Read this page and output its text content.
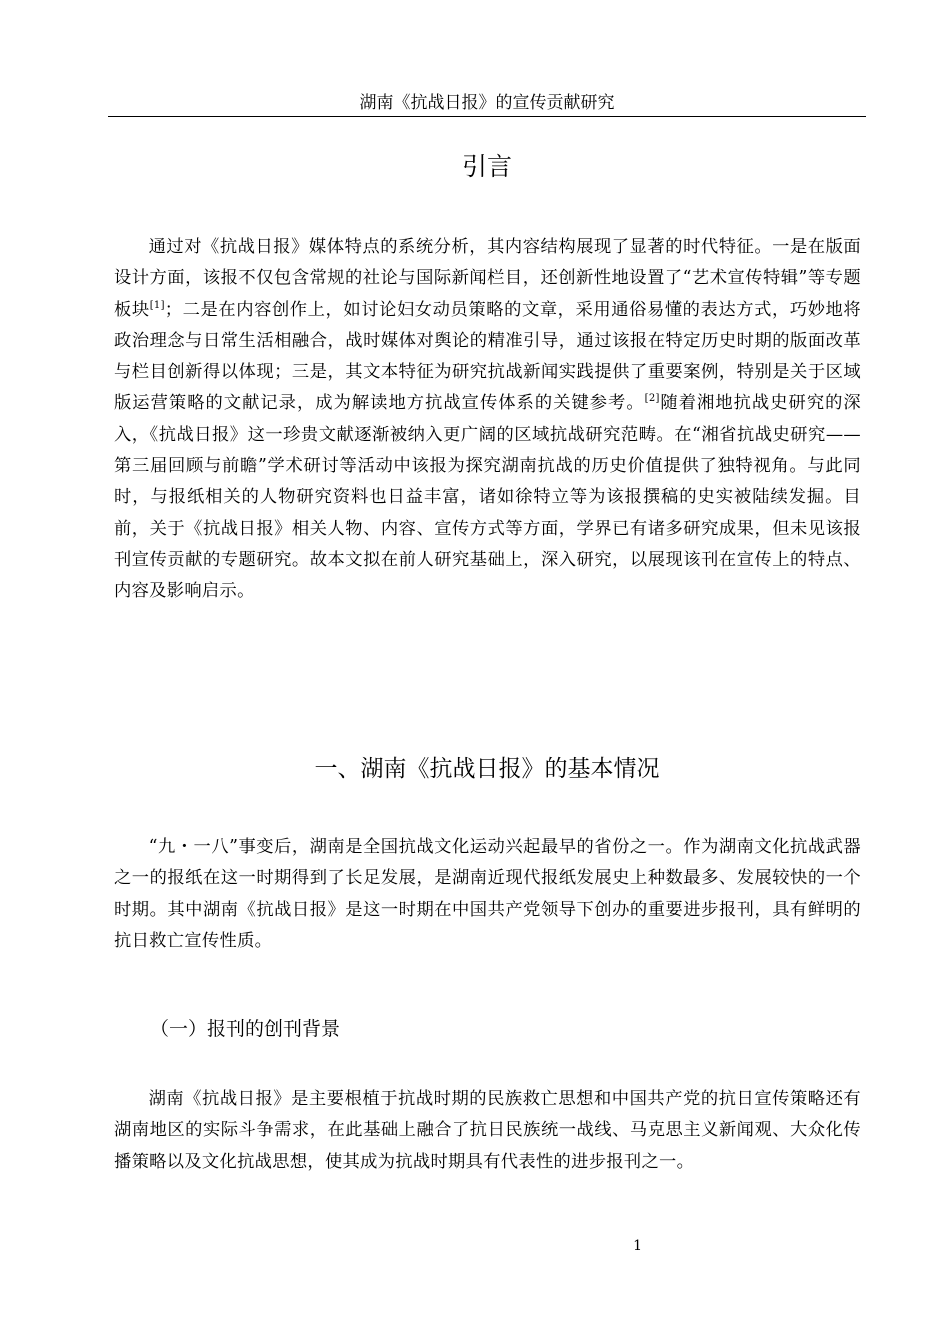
湖南《抗战日报》的宣传贡献研究
引言

通过对《抗战日报》媒体特点的系统分析，其内容结构展现了显著的时代特征。一是在版面设计方面，该报不仅包含常规的社论与国际新闻栏目，还创新性地设置了“艺术宣传特辑”等专题板块[1]；二是在内容创作上，如讨论妇女动员策略的文章，采用通俗易懂的表达方式，巧妙地将政治理念与日常生活相融合，战时媒体对舆论的精准引导，通过该报在特定历史时期的版面改革与栏目创新得以体现；三是，其文本特征为研究抗战新闻实践提供了重要案例，特别是关于区域版运营策略的文献记录，成为解读地方抗战宣传体系的关键参考。[2]随着湘地抗战史研究的深入，《抗战日报》这一珍贵文献逐渐被纳入更广阔的区域抗战研究范畴。在“湘省抗战史研究——第三届回顾与前瞻”学术研讨等活动中该报为探究湖南抗战的历史价值提供了独特视角。与此同时，与报纸相关的人物研究资料也日益丰富，诸如徐特立等为该报撰稿的史实被陆续发掘。目前，关于《抗战日报》相关人物、内容、宣传方式等方面，学界已有诸多研究成果，但未见该报刊宣传贡献的专题研究。故本文拟在前人研究基础上，深入研究，以展现该刊在宣传上的特点、内容及影响启示。

一、湖南《抗战日报》的基本情况

“九・一八”事变后，湖南是全国抗战文化运动兴起最早的省份之一。作为湖南文化抗战武器之一的报纸在这一时期得到了长足发展，是湖南近现代报纸发展史上种数最多、发展较快的一个时期。其中湖南《抗战日报》是这一时期在中国共产党领导下创办的重要进步报刊，具有鲜明的抗日救亡宣传性质。

（一）报刊的创刊背景

湖南《抗战日报》是主要根植于抗战时期的民族救亡思想和中国共产党的抗日宣传策略还有湖南地区的实际斗争需求，在此基础上融合了抗日民族统一战线、马克思主义新闻观、大众化传播策略以及文化抗战思想，使其成为抗战时期具有代表性的进步报刊之一。

1
